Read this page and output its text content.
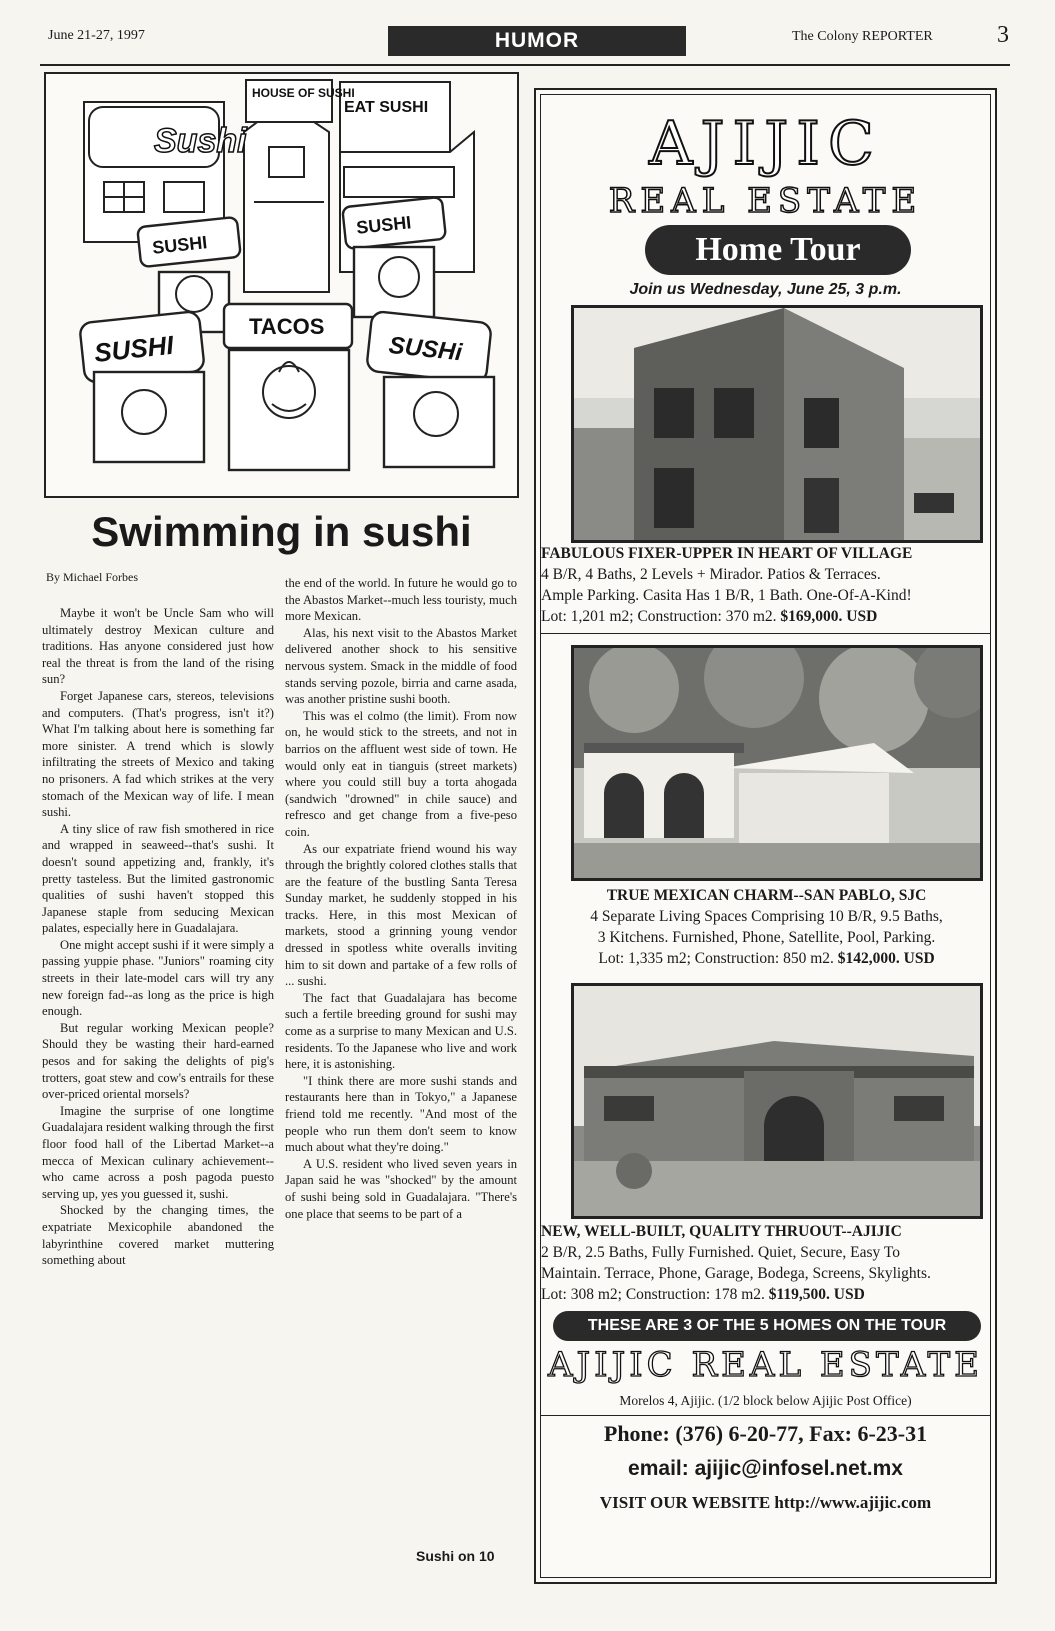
June 21-27, 1997	HUMOR	The Colony REPORTER	3
Sushi
HOUSE OF SUSHI
EAT SUSHI
SUSHI
SUSHI
SUSHI
TACOS
SUSHi
Swimming in sushi
By Michael Forbes

Maybe it won't be Uncle Sam who will ultimately destroy Mexican culture and traditions. Has anyone considered just how real the threat is from the land of the rising sun?

Forget Japanese cars, stereos, televisions and computers. (That's progress, isn't it?) What I'm talking about here is something far more sinister. A trend which is slowly infiltrating the streets of Mexico and taking no prisoners. A fad which strikes at the very stomach of the Mexican way of life. I mean sushi.

A tiny slice of raw fish smothered in rice and wrapped in seaweed--that's sushi. It doesn't sound appetizing and, frankly, it's pretty tasteless. But the limited gastronomic qualities of sushi haven't stopped this Japanese staple from seducing Mexican palates, especially here in Guadalajara.

One might accept sushi if it were simply a passing yuppie phase. "Juniors" roaming city streets in their late-model cars will try any new foreign fad--as long as the price is high enough.

But regular working Mexican people? Should they be wasting their hard-earned pesos and for saking the delights of pig's trotters, goat stew and cow's entrails for these over-priced oriental morsels?

Imagine the surprise of one longtime Guadalajara resident walking through the first floor food hall of the Libertad Market--a mecca of Mexican culinary achievement--who came across a posh pagoda puesto serving up, yes you guessed it, sushi.

Shocked by the changing times, the expatriate Mexicophile abandoned the labyrinthine covered market muttering something about

the end of the world. In future he would go to the Abastos Market--much less touristy, much more Mexican.

Alas, his next visit to the Abastos Market delivered another shock to his sensitive nervous system. Smack in the middle of food stands serving pozole, birria and carne asada, was another pristine sushi booth.

This was el colmo (the limit). From now on, he would stick to the streets, and not in barrios on the affluent west side of town. He would only eat in tianguis (street markets) where you could still buy a torta ahogada (sandwich "drowned" in chile sauce) and refresco and get change from a five-peso coin.

As our expatriate friend wound his way through the brightly colored clothes stalls that are the feature of the bustling Santa Teresa Sunday market, he suddenly stopped in his tracks. Here, in this most Mexican of markets, stood a grinning young vendor dressed in spotless white overalls inviting him to sit down and partake of a few rolls of ... sushi.

The fact that Guadalajara has become such a fertile breeding ground for sushi may come as a surprise to many Mexican and U.S. residents. To the Japanese who live and work here, it is astonishing.

"I think there are more sushi stands and restaurants here than in Tokyo," a Japanese friend told me recently. "And most of the people who run them don't seem to know much about what they're doing."

A U.S. resident who lived seven years in Japan said he was "shocked" by the amount of sushi being sold in Guadalajara. "There's one place that seems to be part of a

Sushi on 10
AJIJIC
REAL ESTATE
Home Tour
Join us Wednesday, June 25, 3 p.m.
FABULOUS FIXER-UPPER IN HEART OF VILLAGE
4 B/R, 4 Baths, 2 Levels + Mirador. Patios & Terraces.
Ample Parking. Casita Has 1 B/R, 1 Bath. One-Of-A-Kind!
Lot: 1,201 m2; Construction: 370 m2. $169,000. USD
TRUE MEXICAN CHARM--SAN PABLO, SJC
4 Separate Living Spaces Comprising 10 B/R, 9.5 Baths,
3 Kitchens. Furnished, Phone, Satellite, Pool, Parking.
Lot: 1,335 m2; Construction: 850 m2. $142,000. USD
NEW, WELL-BUILT, QUALITY THRUOUT--AJIJIC
2 B/R, 2.5 Baths, Fully Furnished. Quiet, Secure, Easy To
Maintain. Terrace, Phone, Garage, Bodega, Screens, Skylights.
Lot: 308 m2; Construction: 178 m2. $119,500. USD
THESE ARE 3 OF THE 5 HOMES ON THE TOUR
AJIJIC REAL ESTATE
Morelos 4, Ajijic. (1/2 block below Ajijic Post Office)
Phone: (376) 6-20-77, Fax: 6-23-31
email: ajijic@infosel.net.mx
VISIT OUR WEBSITE http://www.ajijic.com
